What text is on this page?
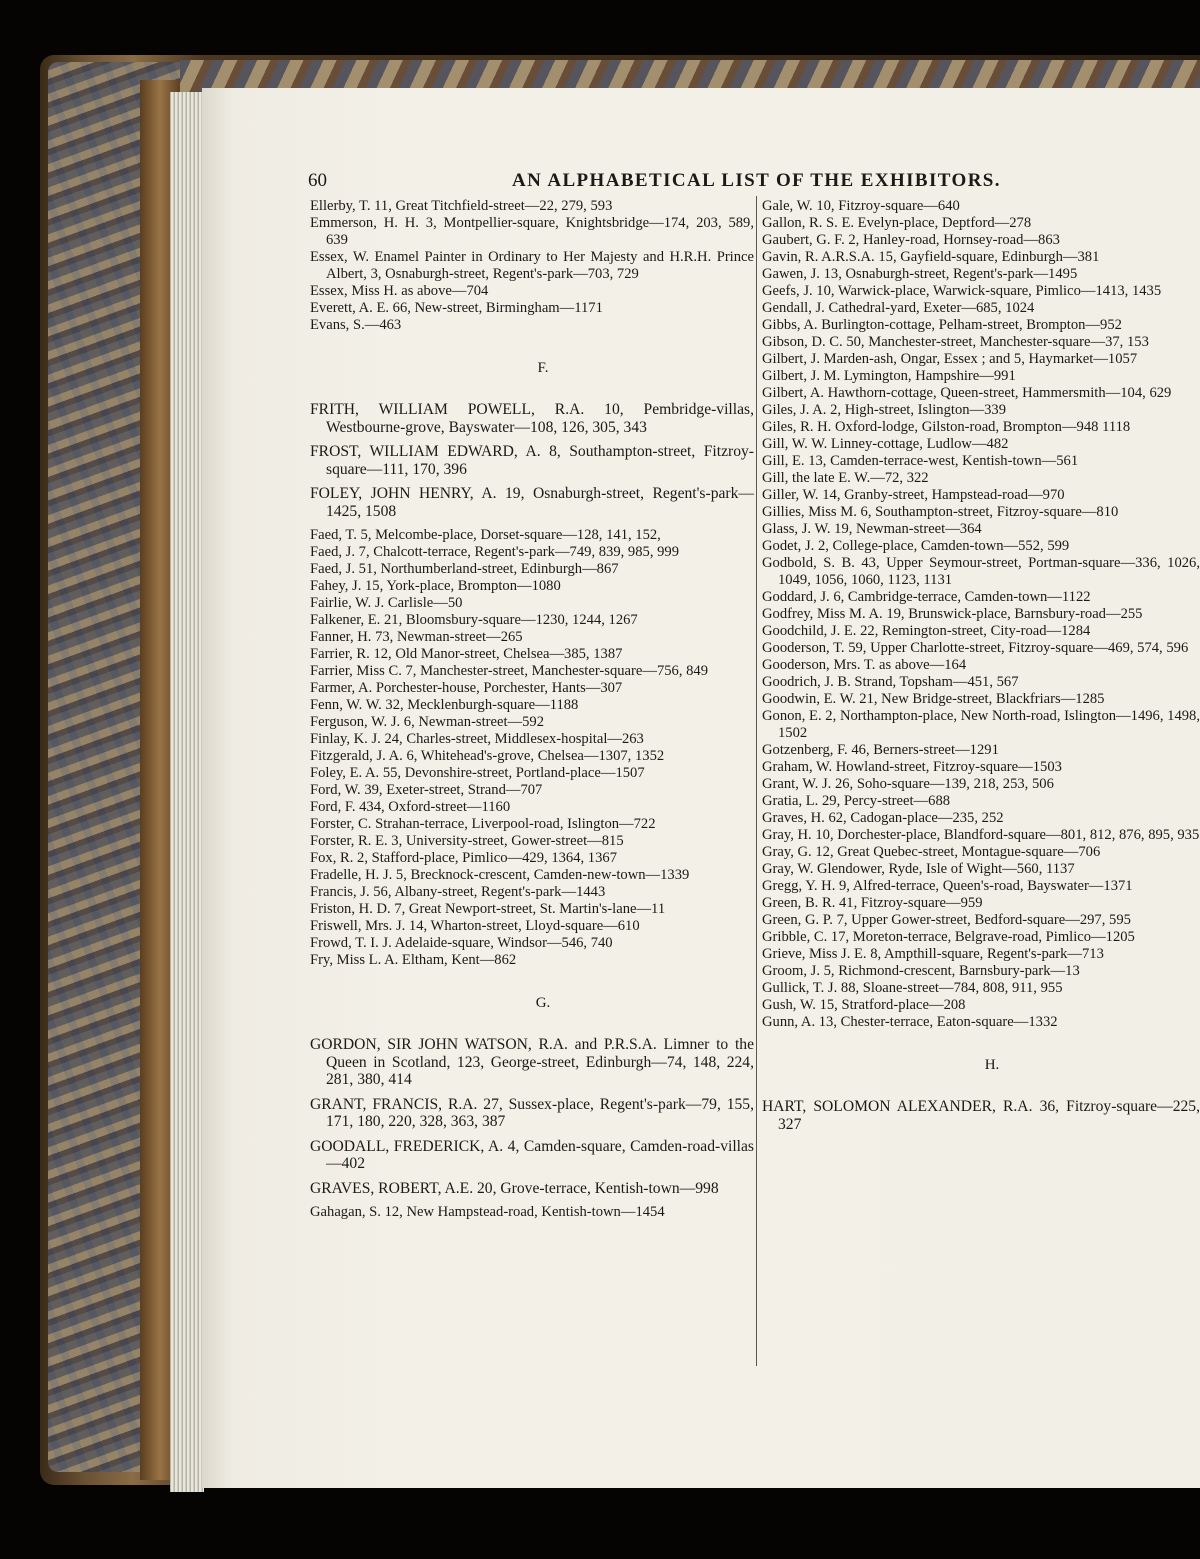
60	AN ALPHABETICAL LIST OF THE EXHIBITORS.
Ellerby, T. 11, Great Titchfield-street—22, 279, 593
Emmerson, H. H. 3, Montpellier-square, Knightsbridge—174, 203, 589, 639
Essex, W. Enamel Painter in Ordinary to Her Majesty and H.R.H. Prince Albert, 3, Osnaburgh-street, Regent's-park—703, 729
Essex, Miss H. as above—704
Everett, A. E. 66, New-street, Birmingham—1171
Evans, S.—463
F.
FRITH, WILLIAM POWELL, R.A. 10, Pembridge-villas, Westbourne-grove, Bayswater—108, 126, 305, 343
FROST, WILLIAM EDWARD, A. 8, Southampton-street, Fitzroy-square—111, 170, 396
FOLEY, JOHN HENRY, A. 19, Osnaburgh-street, Regent's-park—1425, 1508
Faed, T. 5, Melcombe-place, Dorset-square—128, 141, 152,
Faed, J. 7, Chalcott-terrace, Regent's-park—749, 839, 985, 999
Faed, J. 51, Northumberland-street, Edinburgh—867
Fahey, J. 15, York-place, Brompton—1080
Fairlie, W. J. Carlisle—50
Falkener, E. 21, Bloomsbury-square—1230, 1244, 1267
Fanner, H. 73, Newman-street—265
Farrier, R. 12, Old Manor-street, Chelsea—385, 1387
Farrier, Miss C. 7, Manchester-street, Manchester-square—756, 849
Farmer, A. Porchester-house, Porchester, Hants—307
Fenn, W. W. 32, Mecklenburgh-square—1188
Ferguson, W. J. 6, Newman-street—592
Finlay, K. J. 24, Charles-street, Middlesex-hospital—263
Fitzgerald, J. A. 6, Whitehead's-grove, Chelsea—1307, 1352
Foley, E. A. 55, Devonshire-street, Portland-place—1507
Ford, W. 39, Exeter-street, Strand—707
Ford, F. 434, Oxford-street—1160
Forster, C. Strahan-terrace, Liverpool-road, Islington—722
Forster, R. E. 3, University-street, Gower-street—815
Fox, R. 2, Stafford-place, Pimlico—429, 1364, 1367
Fradelle, H. J. 5, Brecknock-crescent, Camden-new-town—1339
Francis, J. 56, Albany-street, Regent's-park—1443
Friston, H. D. 7, Great Newport-street, St. Martin's-lane—11
Friswell, Mrs. J. 14, Wharton-street, Lloyd-square—610
Frowd, T. I. J. Adelaide-square, Windsor—546, 740
Fry, Miss L. A. Eltham, Kent—862
G.
GORDON, SIR JOHN WATSON, R.A. and P.R.S.A. Limner to the Queen in Scotland, 123, George-street, Edinburgh—74, 148, 224, 281, 380, 414
GRANT, FRANCIS, R.A. 27, Sussex-place, Regent's-park—79, 155, 171, 180, 220, 328, 363, 387
GOODALL, FREDERICK, A. 4, Camden-square, Camden-road-villas—402
GRAVES, ROBERT, A.E. 20, Grove-terrace, Kentish-town—998
Gahagan, S. 12, New Hampstead-road, Kentish-town—1454
Gale, W. 10, Fitzroy-square—640
Gallon, R. S. E. Evelyn-place, Deptford—278
Gaubert, G. F. 2, Hanley-road, Hornsey-road—863
Gavin, R. A.R.S.A. 15, Gayfield-square, Edinburgh—381
Gawen, J. 13, Osnaburgh-street, Regent's-park—1495
Geefs, J. 10, Warwick-place, Warwick-square, Pimlico—1413, 1435
Gendall, J. Cathedral-yard, Exeter—685, 1024
Gibbs, A. Burlington-cottage, Pelham-street, Brompton—952
Gibson, D. C. 50, Manchester-street, Manchester-square—37, 153
Gilbert, J. Marden-ash, Ongar, Essex ; and 5, Haymarket—1057
Gilbert, J. M. Lymington, Hampshire—991
Gilbert, A. Hawthorn-cottage, Queen-street, Hammersmith—104, 629
Giles, J. A. 2, High-street, Islington—339
Giles, R. H. Oxford-lodge, Gilston-road, Brompton—948 1118
Gill, W. W. Linney-cottage, Ludlow—482
Gill, E. 13, Camden-terrace-west, Kentish-town—561
Gill, the late E. W.—72, 322
Giller, W. 14, Granby-street, Hampstead-road—970
Gillies, Miss M. 6, Southampton-street, Fitzroy-square—810
Glass, J. W. 19, Newman-street—364
Godet, J. 2, College-place, Camden-town—552, 599
Godbold, S. B. 43, Upper Seymour-street, Portman-square—336, 1026, 1049, 1056, 1060, 1123, 1131
Goddard, J. 6, Cambridge-terrace, Camden-town—1122
Godfrey, Miss M. A. 19, Brunswick-place, Barnsbury-road—255
Goodchild, J. E. 22, Remington-street, City-road—1284
Gooderson, T. 59, Upper Charlotte-street, Fitzroy-square—469, 574, 596
Gooderson, Mrs. T. as above—164
Goodrich, J. B. Strand, Topsham—451, 567
Goodwin, E. W. 21, New Bridge-street, Blackfriars—1285
Gonon, E. 2, Northampton-place, New North-road, Islington—1496, 1498, 1502
Gotzenberg, F. 46, Berners-street—1291
Graham, W. Howland-street, Fitzroy-square—1503
Grant, W. J. 26, Soho-square—139, 218, 253, 506
Gratia, L. 29, Percy-street—688
Graves, H. 62, Cadogan-place—235, 252
Gray, H. 10, Dorchester-place, Blandford-square—801, 812, 876, 895, 935
Gray, G. 12, Great Quebec-street, Montague-square—706
Gray, W. Glendower, Ryde, Isle of Wight—560, 1137
Gregg, Y. H. 9, Alfred-terrace, Queen's-road, Bayswater—1371
Green, B. R. 41, Fitzroy-square—959
Green, G. P. 7, Upper Gower-street, Bedford-square—297, 595
Gribble, C. 17, Moreton-terrace, Belgrave-road, Pimlico—1205
Grieve, Miss J. E. 8, Ampthill-square, Regent's-park—713
Groom, J. 5, Richmond-crescent, Barnsbury-park—13
Gullick, T. J. 88, Sloane-street—784, 808, 911, 955
Gush, W. 15, Stratford-place—208
Gunn, A. 13, Chester-terrace, Eaton-square—1332
H.
HART, SOLOMON ALEXANDER, R.A. 36, Fitzroy-square—225, 327
